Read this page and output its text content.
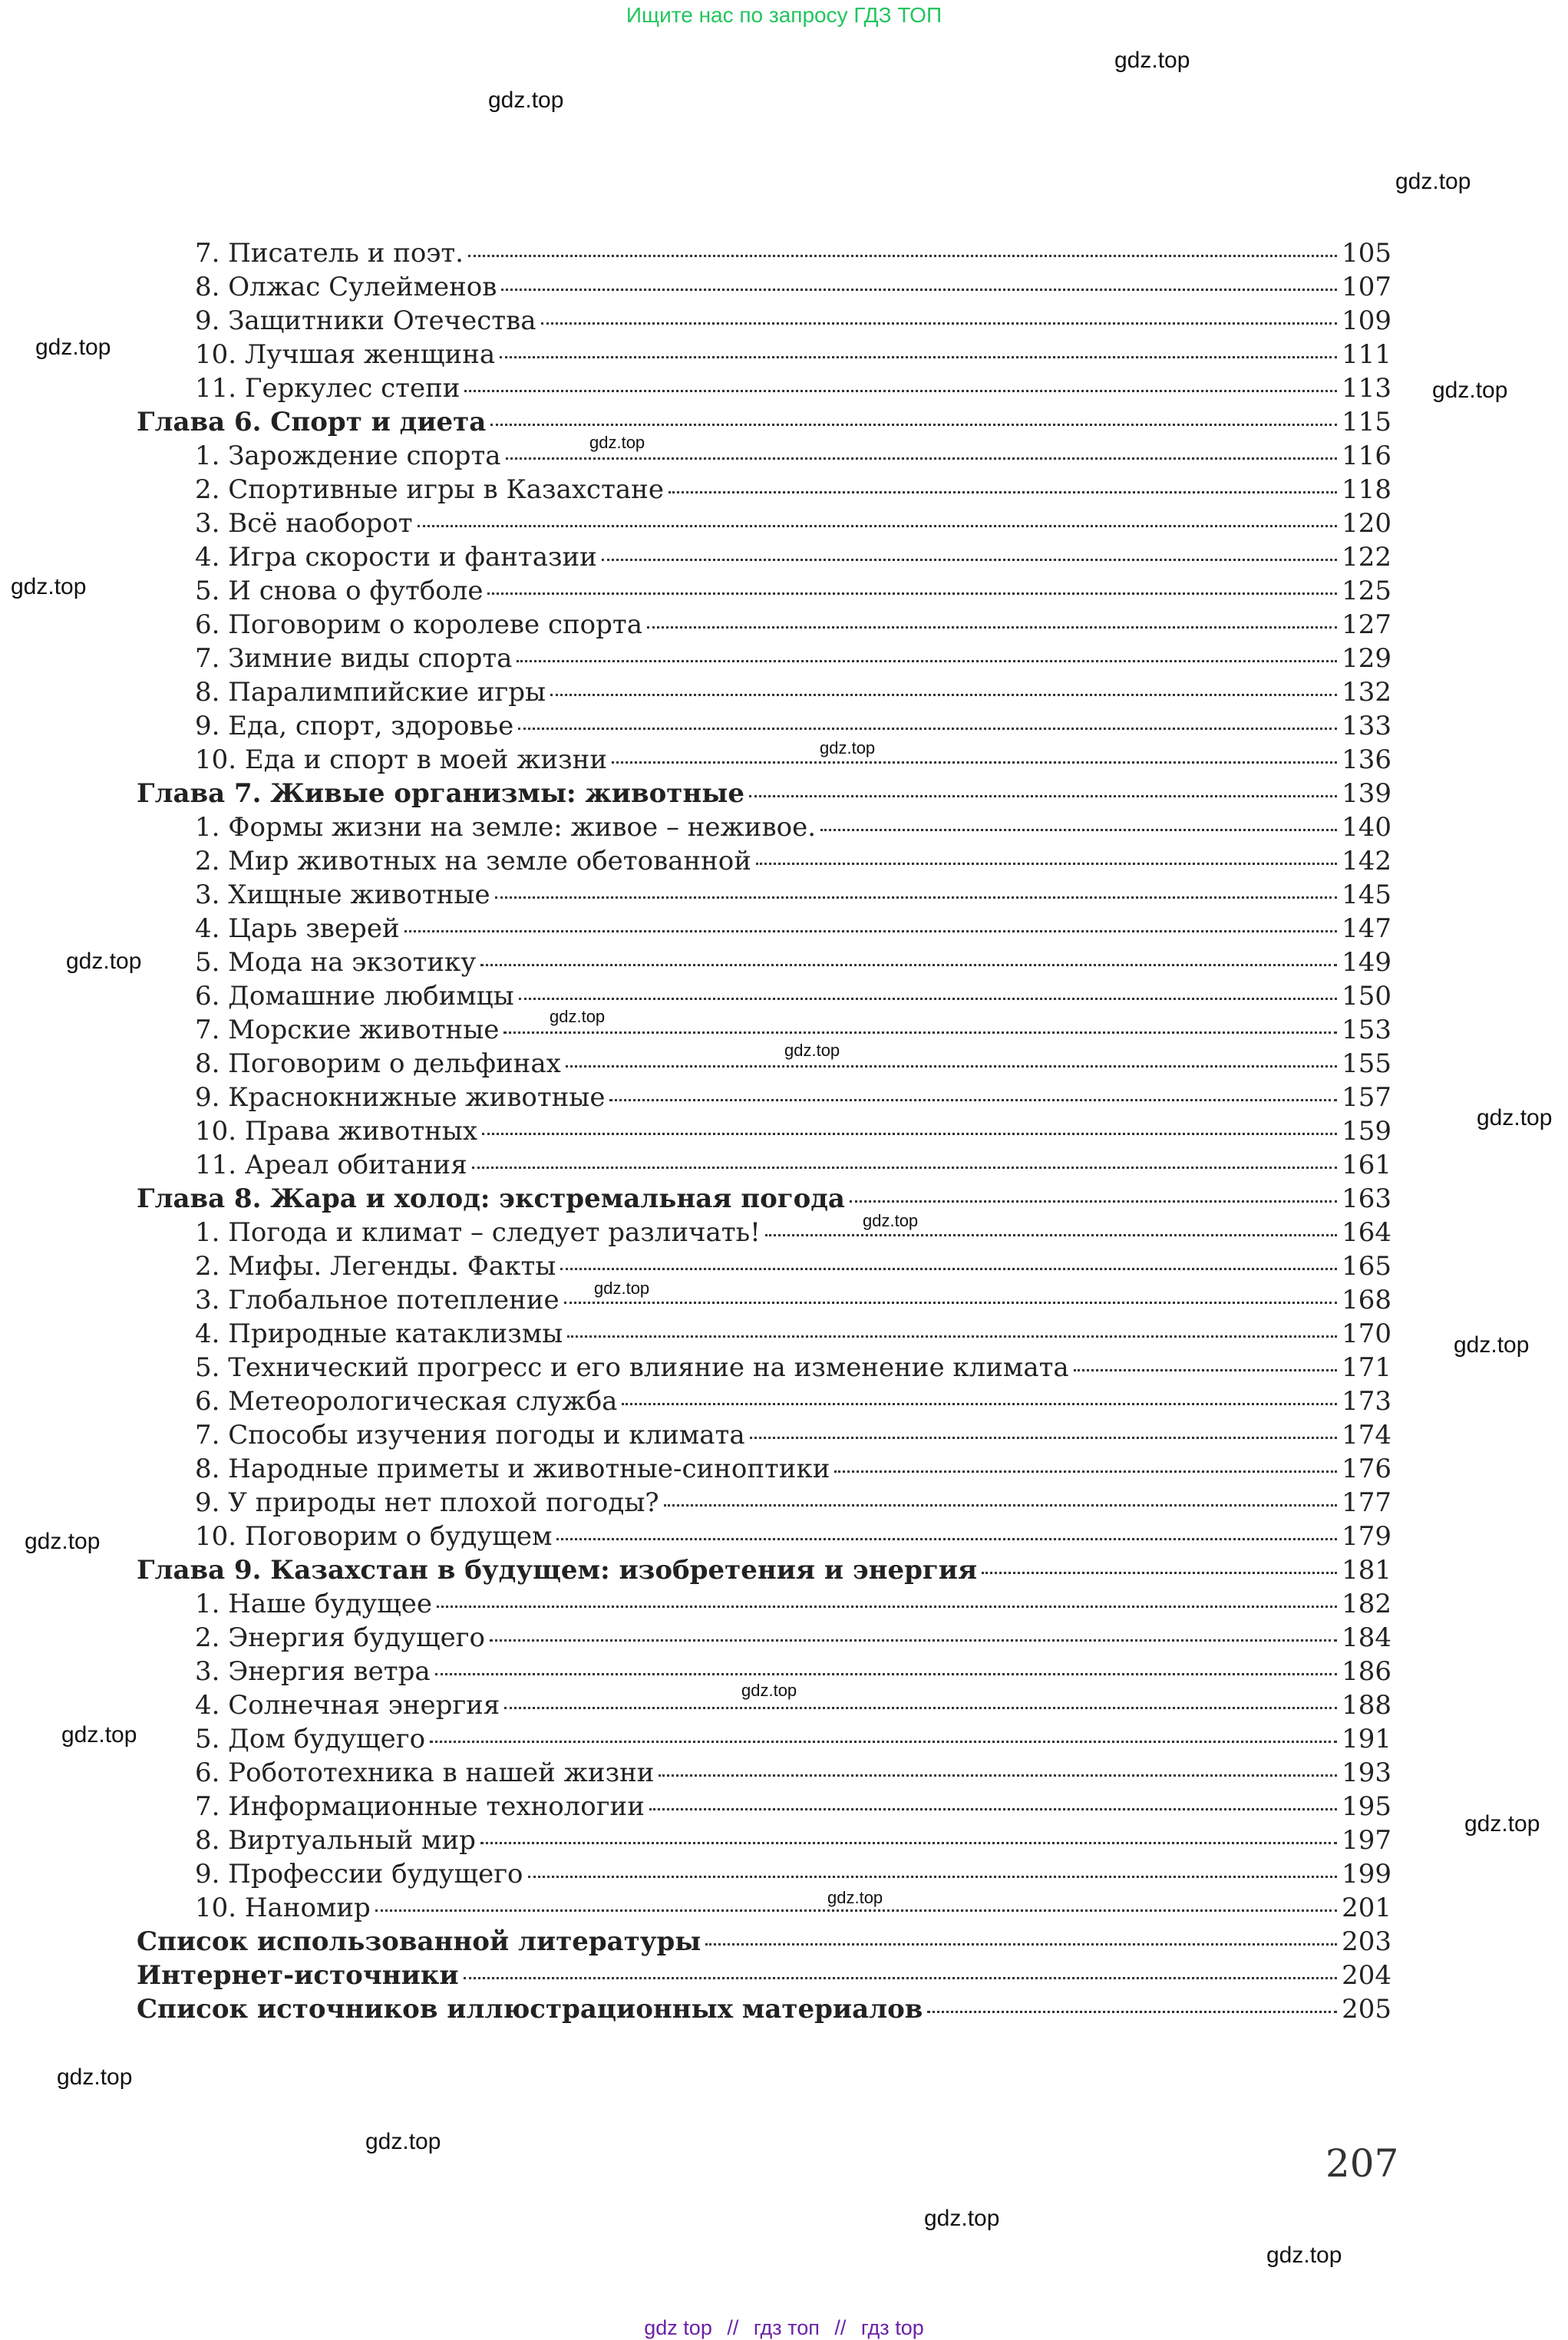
Ищите нас по запросу ГДЗ ТОП
7. Писатель и поэт.	105
8. Олжас Сулейменов	107
9. Защитники Отечества	109
10. Лучшая женщина	111
11. Геркулес степи	113
Глава 6. Спорт и диета	115
1. Зарождение спорта	116
2. Спортивные игры в Казахстане	118
3. Всё наоборот	120
4. Игра скорости и фантазии	122
5. И снова о футболе	125
6. Поговорим о королеве спорта	127
7. Зимние виды спорта	129
8. Паралимпийские игры	132
9. Еда, спорт, здоровье	133
10. Еда и спорт в моей жизни	136
Глава 7. Живые организмы: животные	139
1. Формы жизни на земле: живое – неживое.	140
2. Мир животных на земле обетованной	142
3. Хищные животные	145
4. Царь зверей	147
5. Мода на экзотику	149
6. Домашние любимцы	150
7. Морские животные	153
8. Поговорим о дельфинах	155
9. Краснокнижные животные	157
10. Права животных	159
11. Ареал обитания	161
Глава 8. Жара и холод: экстремальная погода	163
1. Погода и климат – следует различать!	164
2. Мифы. Легенды. Факты	165
3. Глобальное потепление	168
4. Природные катаклизмы	170
5. Технический прогресс и его влияние на изменение климата	171
6. Метеорологическая служба	173
7. Способы изучения погоды и климата	174
8. Народные приметы и животные-синоптики	176
9. У природы нет плохой погоды?	177
10. Поговорим о будущем	179
Глава 9. Казахстан в будущем: изобретения и энергия	181
1. Наше будущее	182
2. Энергия будущего	184
3. Энергия ветра	186
4. Солнечная энергия	188
5. Дом будущего	191
6. Робототехника в нашей жизни	193
7. Информационные технологии	195
8. Виртуальный мир	197
9. Профессии будущего	199
10. Наномир	201
Список использованной литературы	203
Интернет-источники	204
Список источников иллюстрационных материалов	205
207
gdz.top
gdz.top
gdz.top
gdz.top
gdz.top
gdz.top
gdz.top
gdz.top
gdz.top
gdz.top
gdz.top
gdz.top
gdz.top
gdz.top
gdz.top
gdz.top
gdz.top
gdz.top
gdz.top
gdz.top
gdz.top
gdz.top
gdz.top
gdz.top
gdz top // гдз топ // гдз top
